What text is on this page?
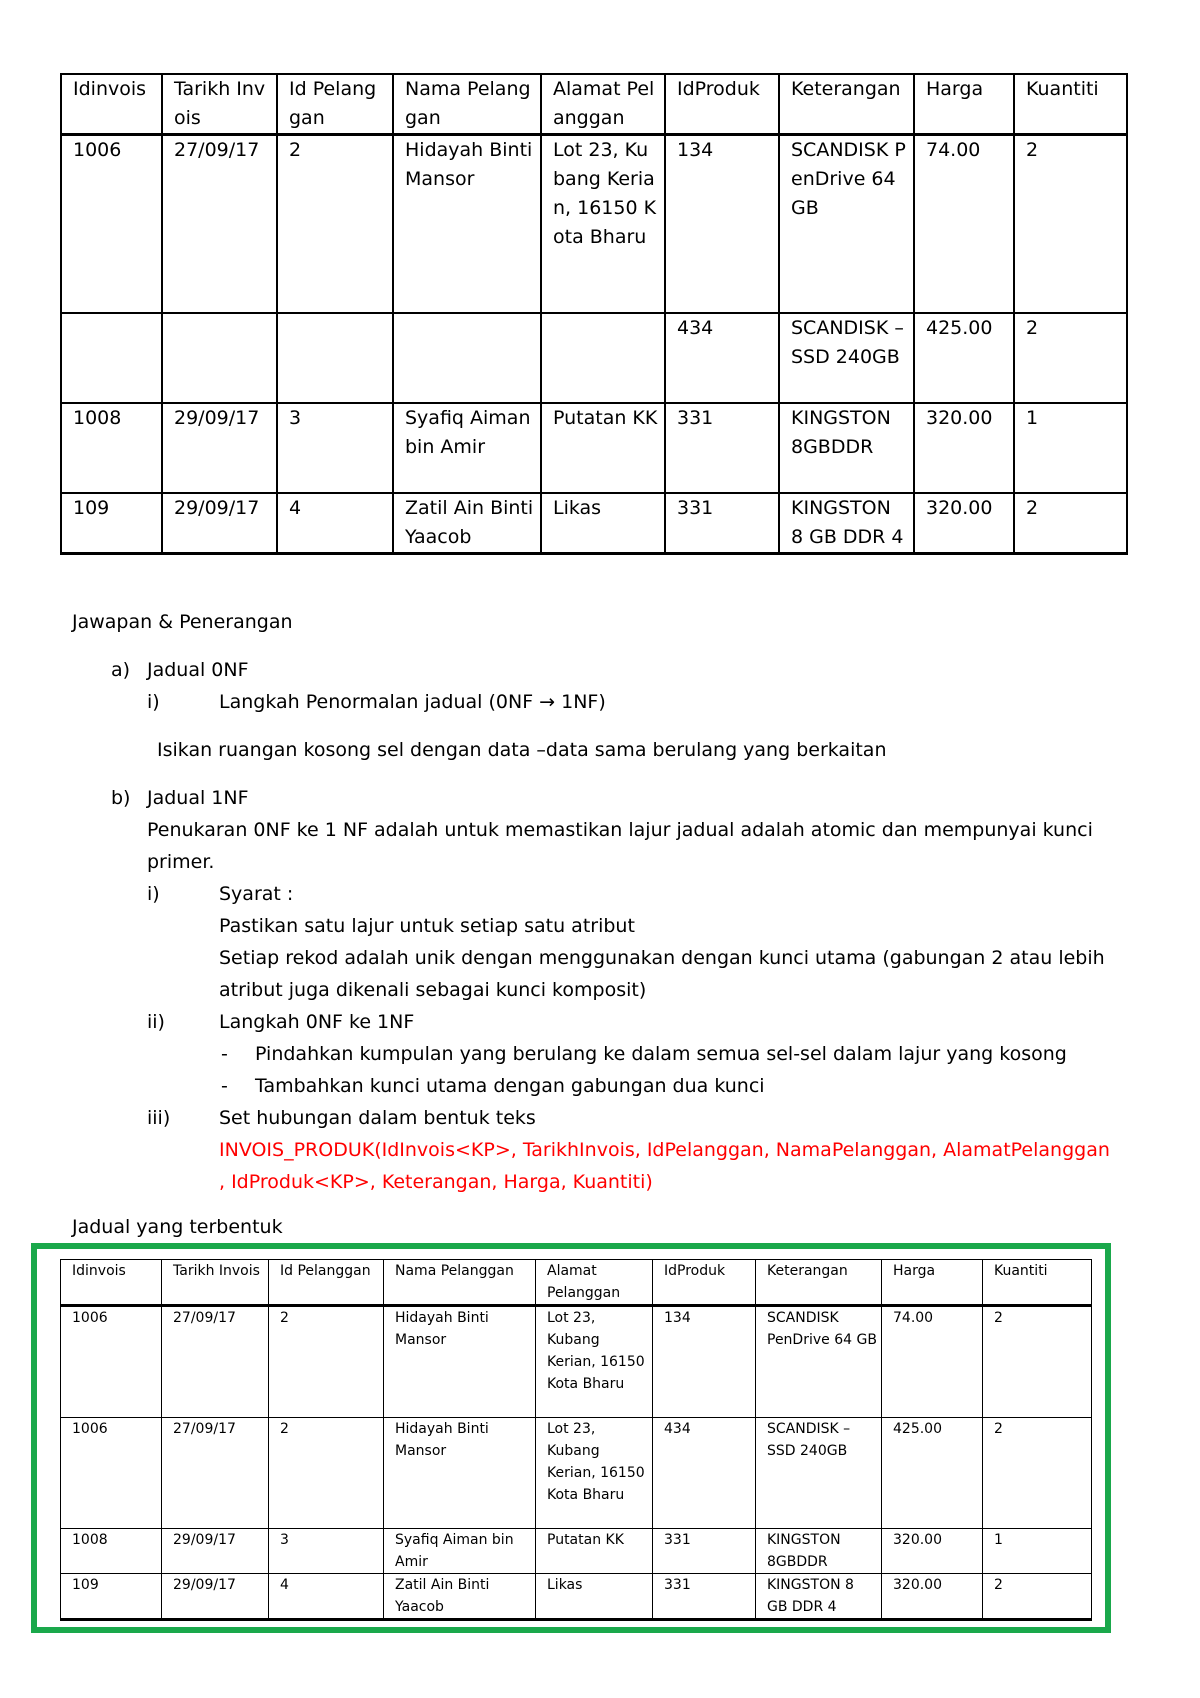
Idinvois	Tarikh Invois	Id Pelanggan	Nama Pelanggan	Alamat Pelanggan	IdProduk	Keterangan	Harga	Kuantiti
1006	27/09/17	2	Hidayah Binti Mansor	Lot 23, Kubang Kerian, 16150 Kota Bharu	134	SCANDISK PenDrive 64 GB	74.00	2
					434	SCANDISK –SSD 240GB	425.00	2
1008	29/09/17	3	Syafiq Aiman bin Amir	Putatan KK	331	KINGSTON 8GBDDR	320.00	1
109	29/09/17	4	Zatil Ain Binti Yaacob	Likas	331	KINGSTON 8 GB DDR 4	320.00	2
Jawapan & Penerangan
a) Jadual 0NF
i)	Langkah Penormalan jadual (0NF → 1NF)
Isikan ruangan kosong sel dengan data –data sama berulang yang berkaitan
b) Jadual 1NF
Penukaran 0NF ke 1 NF adalah untuk memastikan lajur jadual adalah atomic dan mempunyai kunci
primer.
i)	Syarat :
Pastikan satu lajur untuk setiap satu atribut
Setiap rekod adalah unik dengan menggunakan dengan kunci utama (gabungan 2 atau lebih
atribut juga dikenali sebagai kunci komposit)
ii)	Langkah 0NF ke 1NF
- Pindahkan kumpulan yang berulang ke dalam semua sel-sel dalam lajur yang kosong
- Tambahkan kunci utama dengan gabungan dua kunci
iii)	Set hubungan dalam bentuk teks
INVOIS_PRODUK(IdInvois<KP>, TarikhInvois, IdPelanggan, NamaPelanggan, AlamatPelanggan
, IdProduk<KP>, Keterangan, Harga, Kuantiti)
Jadual yang terbentuk
Idinvois	Tarikh Invois	Id Pelanggan	Nama Pelanggan	Alamat Pelanggan	IdProduk	Keterangan	Harga	Kuantiti
1006	27/09/17	2	Hidayah Binti Mansor	Lot 23, Kubang Kerian, 16150 Kota Bharu	134	SCANDISK PenDrive 64 GB	74.00	2
1006	27/09/17	2	Hidayah Binti Mansor	Lot 23, Kubang Kerian, 16150 Kota Bharu	434	SCANDISK – SSD 240GB	425.00	2
1008	29/09/17	3	Syafiq Aiman bin Amir	Putatan KK	331	KINGSTON 8GBDDR	320.00	1
109	29/09/17	4	Zatil Ain Binti Yaacob	Likas	331	KINGSTON 8 GB DDR 4	320.00	2
